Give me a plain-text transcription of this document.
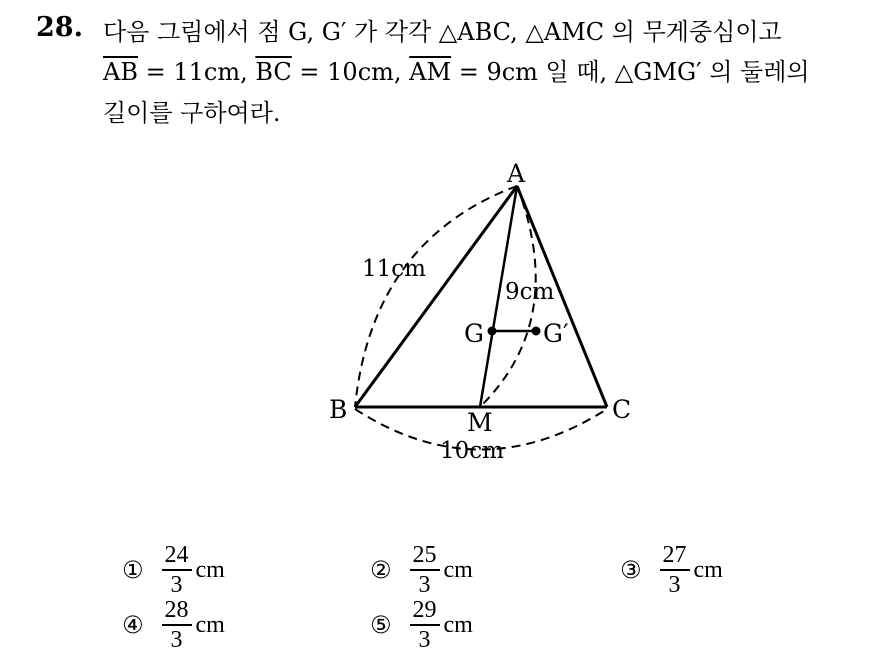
28. 다음 그림에서 점 G, G′ 가 각각 △ABC, △AMC 의 무게중심이고
$\overline{AB} = 11cm$, $\overline{BC} = 10cm$, $\overline{AM} = 9cm$ 일 때, △GMG′ 의 둘레의
길이를 구하여라.
A
B	C
M
G G′
11cm
9cm
10cm
① $\frac{24}{3}$ cm	② $\frac{25}{3}$ cm	③ $\frac{27}{3}$ cm
④ $\frac{28}{3}$ cm	⑤ $\frac{29}{3}$ cm
